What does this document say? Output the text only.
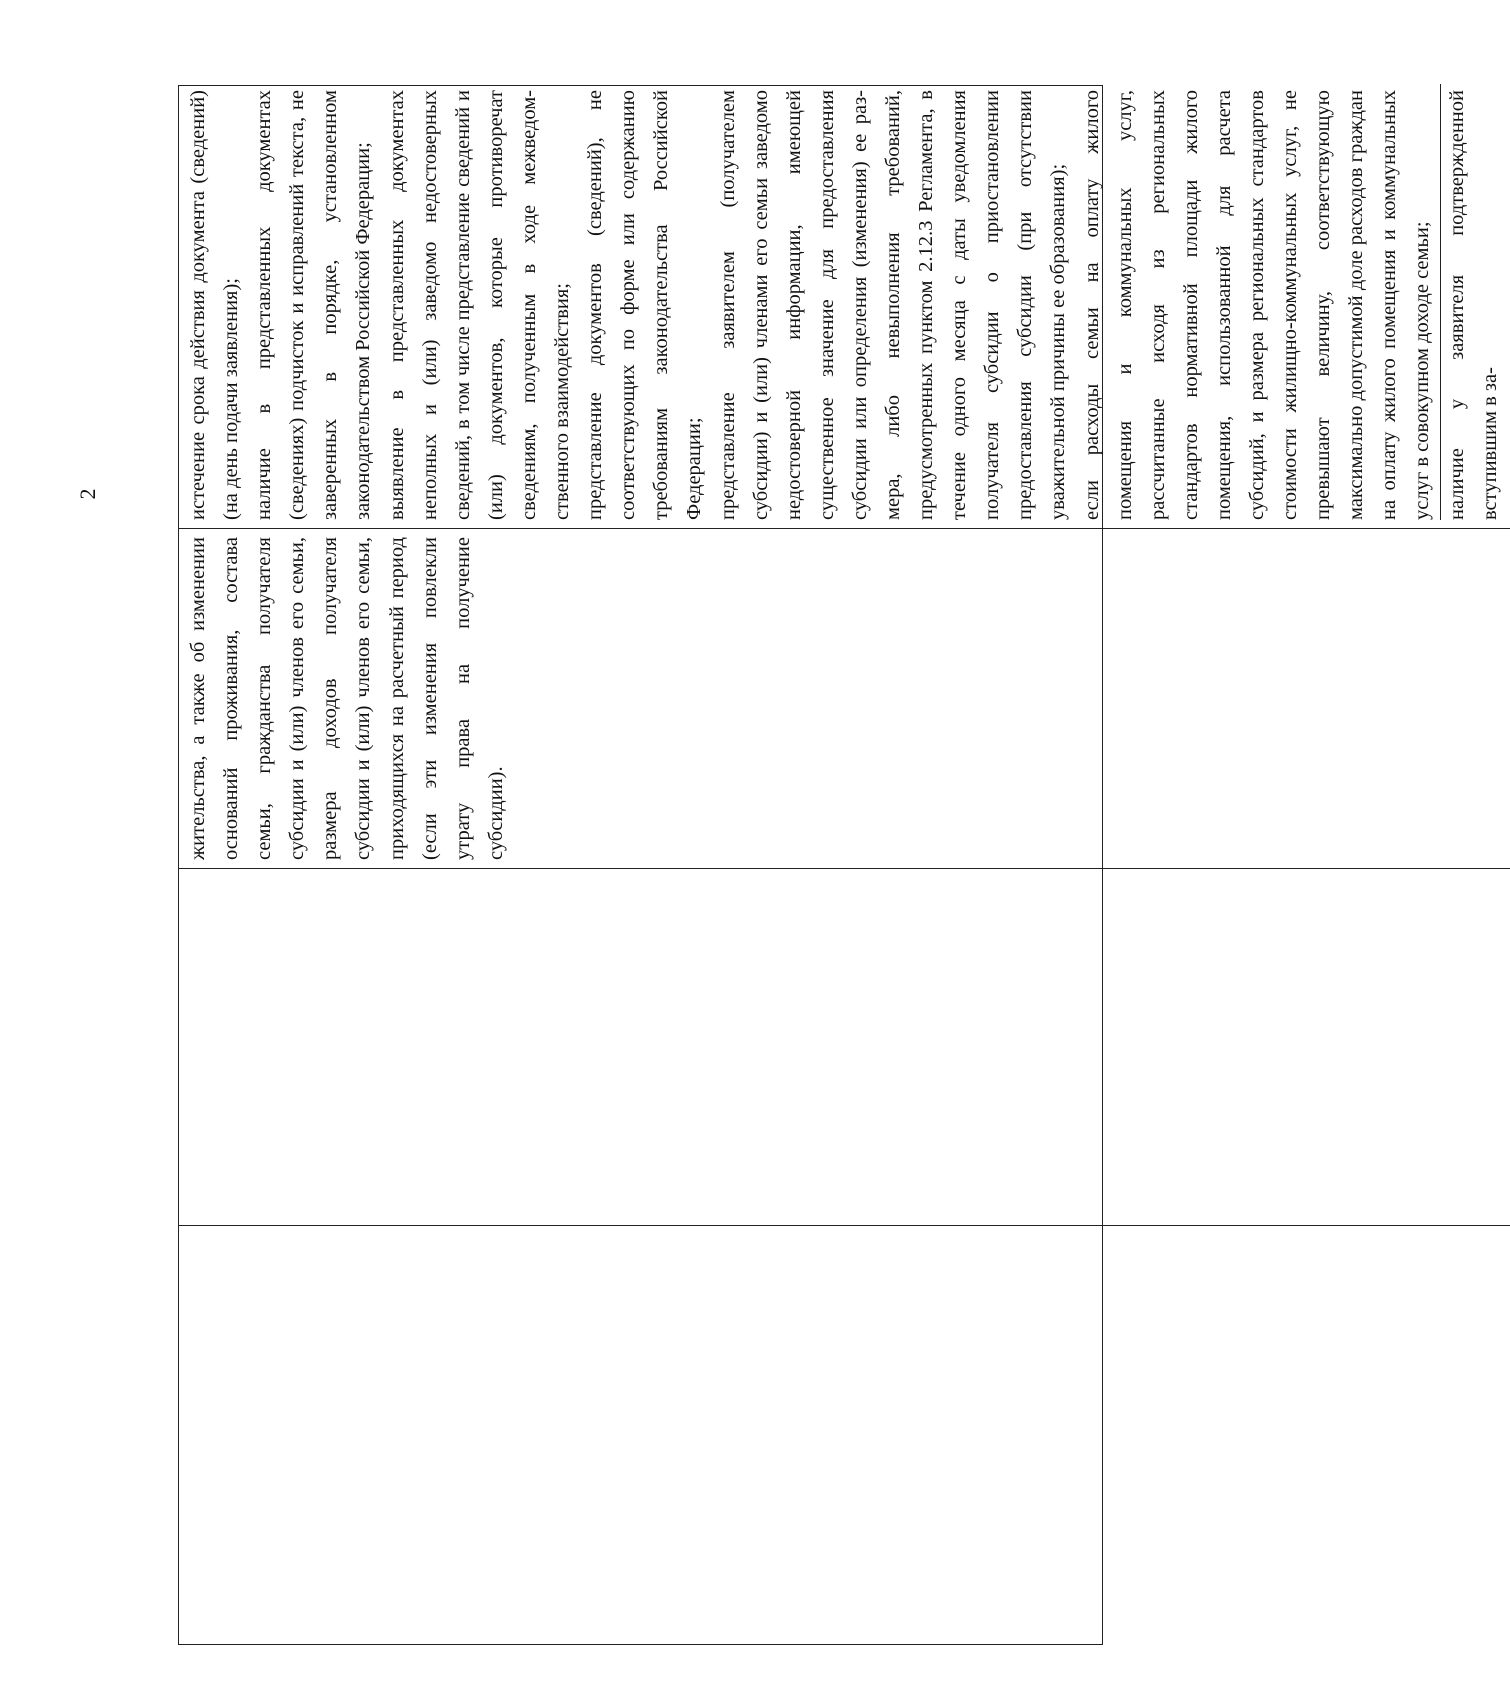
2
жительства, а также об изменении оснований проживания, состава семьи, гражданства получателя субсидии и (или) членов его семьи, размера доходов получателя субсидии и (или) членов его семьи, приходящихся на расчетный период (если эти изменения повлекли утрату права на получение субсидии).
истечение срока действия документа (сведений) (на день подачи заявления); наличие в представленных документах (сведениях) подчисток и исправлений текста, не заверенных в порядке, установленном законодательством Российской Федерации; выявление в представленных документах неполных и (или) заведомо недостоверных сведений, в том числе представление сведений и (или) документов, которые противоречат сведениям, полученным в ходе межведомственного взаимодействия; представление документов (сведений), не соответствующих по форме или содержанию требованиям законодательства Российской Федерации; представление заявителем (получателем субсидии) и (или) членами его семьи заведомо недостоверной информации, имеющей существенное значение для предоставления субсидии или определения (изменения) ее размера, либо невыполнения требований, предусмотренных пунктом 2.12.3 Регламента, в течение одного месяца с даты уведомления получателя субсидии о приостановлении предоставления субсидии (при отсутствии уважительной причины ее образования); если расходы семьи на оплату жилого помещения и коммунальных услуг, рассчитанные исходя из региональных стандартов нормативной площади жилого помещения, использованной для расчета субсидий, и размера региональных стандартов стоимости жилищно-коммунальных услуг, не превышают величину, соответствующую максимально допустимой доле расходов граждан на оплату жилого помещения и коммунальных услуг в совокупном доходе семьи; наличие у заявителя подтвержденной вступившим в за-
